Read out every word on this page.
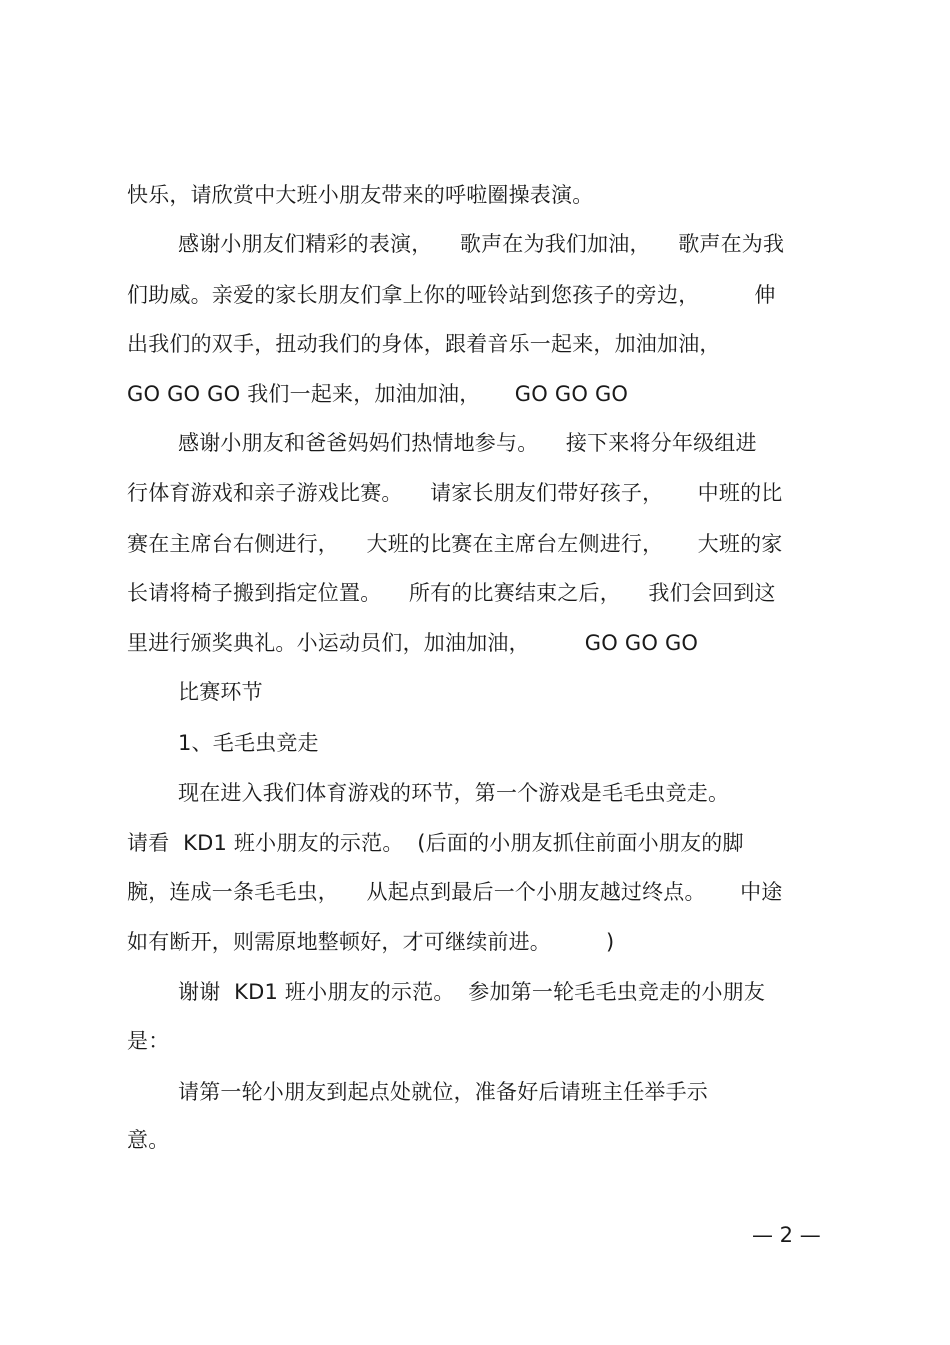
快乐，请欣赏中大班小朋友带来的呼啦圈操表演。
感谢小朋友们精彩的表演，    歌声在为我们加油，    歌声在为我
们助威。亲爱的家长朋友们拿上你的哑铃站到您孩子的旁边，        伸
出我们的双手，扭动我们的身体，跟着音乐一起来，加油加油，
GO GO GO 我们一起来，加油加油，     GO GO GO
感谢小朋友和爸爸妈妈们热情地参与。    接下来将分年级组进
行体育游戏和亲子游戏比赛。    请家长朋友们带好孩子，     中班的比
赛在主席台右侧进行，    大班的比赛在主席台左侧进行，     大班的家
长请将椅子搬到指定位置。    所有的比赛结束之后，    我们会回到这
里进行颁奖典礼。小运动员们，加油加油，        GO GO GO
比赛环节
1、毛毛虫竞走
现在进入我们体育游戏的环节，第一个游戏是毛毛虫竞走。
请看  KD1 班小朋友的示范。  (后面的小朋友抓住前面小朋友的脚
腕，连成一条毛毛虫，    从起点到最后一个小朋友越过终点。     中途
如有断开，则需原地整顿好，才可继续前进。        )
谢谢  KD1 班小朋友的示范。  参加第一轮毛毛虫竞走的小朋友
是：
请第一轮小朋友到起点处就位，准备好后请班主任举手示
意。
— 2 —
